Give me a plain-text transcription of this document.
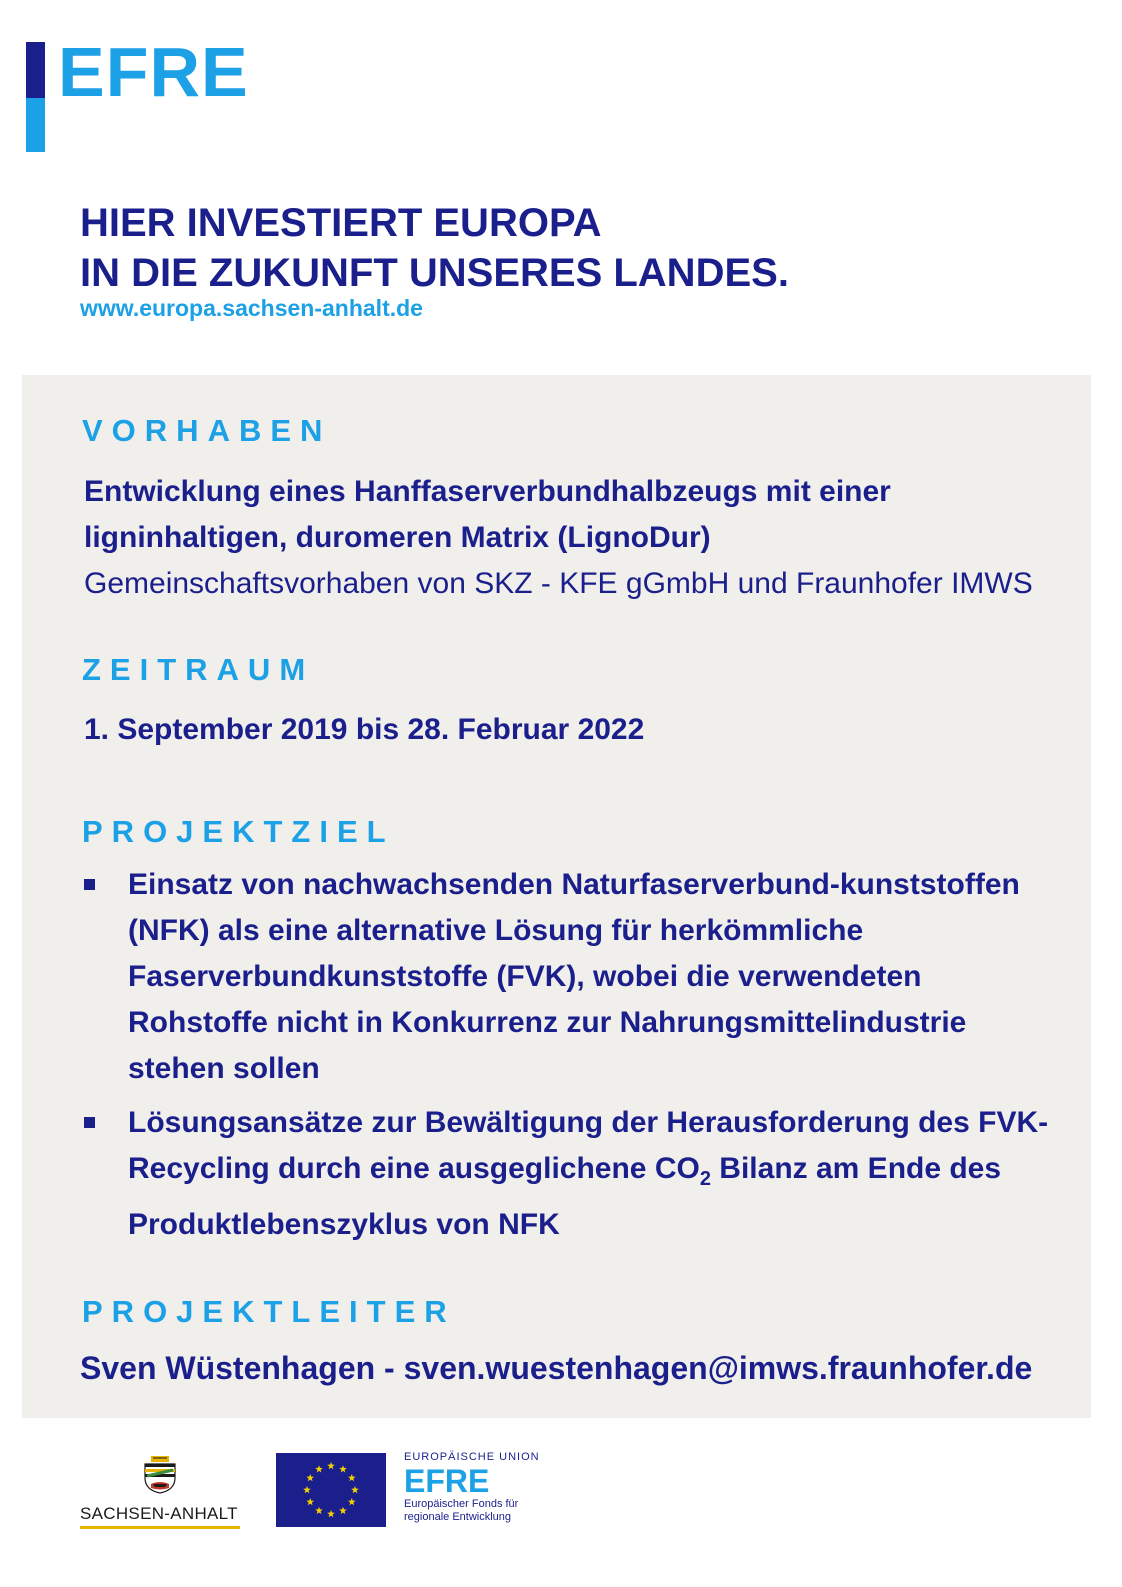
EFRE
HIER INVESTIERT EUROPA
IN DIE ZUKUNFT UNSERES LANDES.
www.europa.sachsen-anhalt.de
VORHABEN
Entwicklung eines Hanffaserverbundhalbzeugs mit einer ligninhaltigen, duromeren Matrix (LignoDur)
Gemeinschaftsvorhaben von SKZ - KFE gGmbH und Fraunhofer IMWS
ZEITRAUM
1. September 2019 bis 28. Februar 2022
PROJEKTZIEL
Einsatz von nachwachsenden Naturfaserverbund-kunststoffen (NFK) als eine alternative Lösung für herkömmliche Faserverbundkunststoffe (FVK), wobei die verwendeten Rohstoffe nicht in Konkurrenz zur Nahrungsmittelindustrie stehen sollen
Lösungsansätze zur Bewältigung der Herausforderung des FVK-Recycling durch eine ausgeglichene $CO_2$ Bilanz am Ende des Produktlebenszyklus von NFK
PROJEKTLEITER
Sven Wüstenhagen - sven.wuestenhagen@imws.fraunhofer.de
SACHSEN-ANHALT
EUROPÄISCHE UNION
EFRE
Europäischer Fonds für
regionale Entwicklung
